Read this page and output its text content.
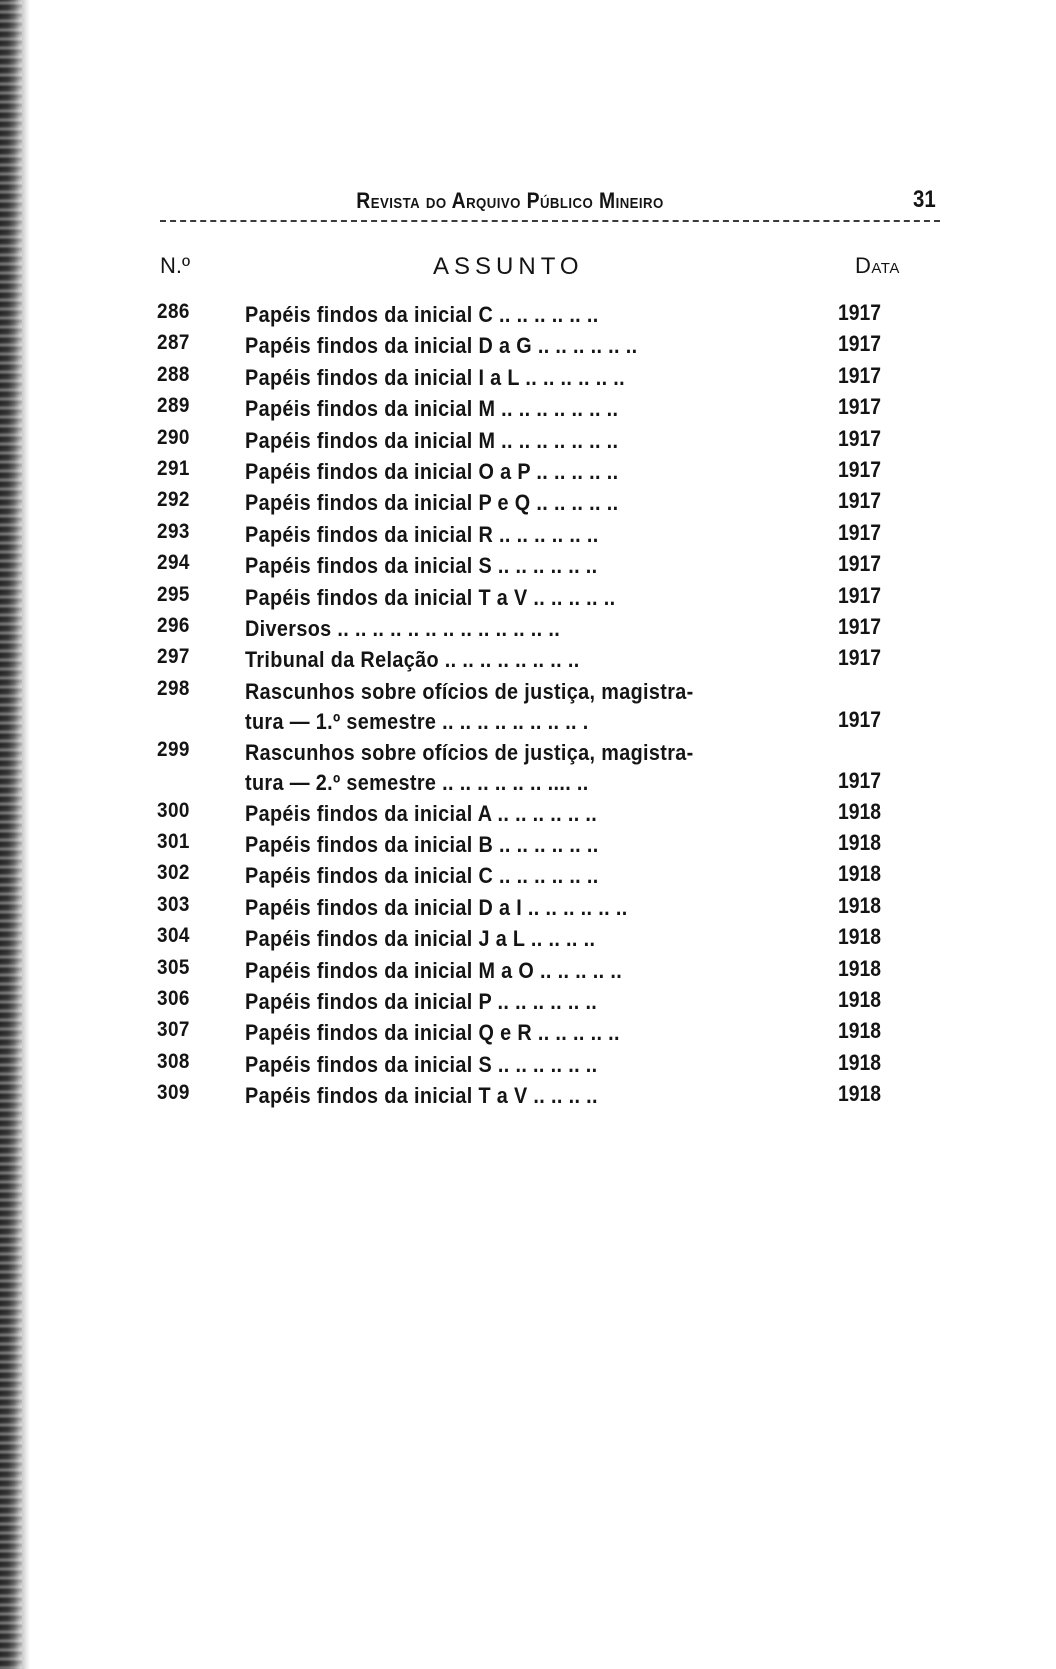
Revista do Arquivo Público Mineiro	31
N.º	ASSUNTO	Data
286	Papéis findos da inicial C .. .. .. .. .. ..	1917
287	Papéis findos da inicial D a G .. .. .. .. .. ..	1917
288	Papéis findos da inicial I a L .. .. .. .. .. ..	1917
289	Papéis findos da inicial M .. .. .. .. .. .. ..	1917
290	Papéis findos da inicial M .. .. .. .. .. .. ..	1917
291	Papéis findos da inicial O a P .. .. .. .. ..	1917
292	Papéis findos da inicial P e Q .. .. .. .. ..	1917
293	Papéis findos da inicial R .. .. .. .. .. ..	1917
294	Papéis findos da inicial S .. .. .. .. .. ..	1917
295	Papéis findos da inicial T a V .. .. .. .. ..	1917
296	Diversos .. .. .. .. .. .. .. .. .. .. .. .. ..	1917
297	Tribunal da Relação .. .. .. .. .. .. .. ..	1917
298	Rascunhos sobre ofícios de justiça, magistra-
tura — 1.º semestre .. .. .. .. .. .. .. .. .	1917
299	Rascunhos sobre ofícios de justiça, magistra-
tura — 2.º semestre .. .. .. .. .. .. .... ..	1917
300	Papéis findos da inicial A .. .. .. .. .. ..	1918
301	Papéis findos da inicial B .. .. .. .. .. ..	1918
302	Papéis findos da inicial C .. .. .. .. .. ..	1918
303	Papéis findos da inicial D a I .. .. .. .. .. ..	1918
304	Papéis findos da inicial J a L .. .. .. ..	1918
305	Papéis findos da inicial M a O .. .. .. .. ..	1918
306	Papéis findos da inicial P .. .. .. .. .. ..	1918
307	Papéis findos da inicial Q e R .. .. .. .. ..	1918
308	Papéis findos da inicial S .. .. .. .. .. ..	1918
309	Papéis findos da inicial T a V .. .. .. ..	1918
